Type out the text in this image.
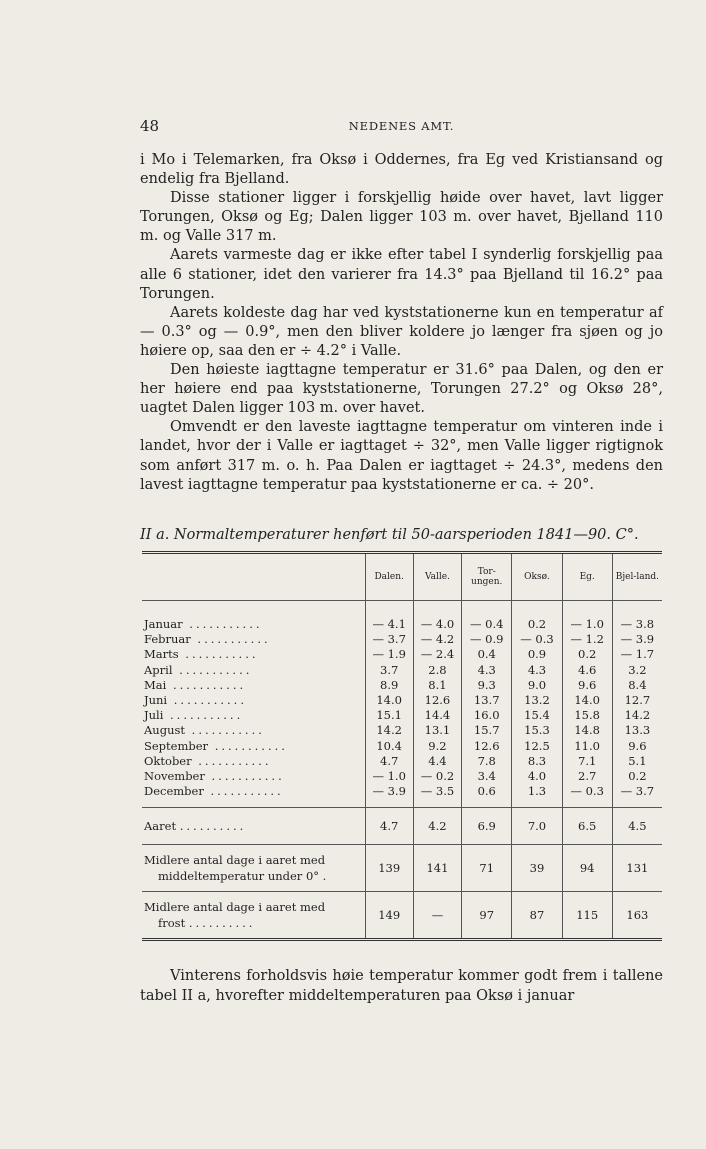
48	NEDENES AMT.

i Mo i Telemarken, fra Oksø i Oddernes, fra Eg ved Kristiansand og endelig fra Bjelland.

Disse stationer ligger i forskjellig høide over havet, lavt ligger Torungen, Oksø og Eg; Dalen ligger 103 m. over havet, Bjelland 110 m. og Valle 317 m.

Aarets varmeste dag er ikke efter tabel I synderlig forskjellig paa alle 6 stationer, idet den varierer fra 14.3° paa Bjelland til 16.2° paa Torungen.

Aarets koldeste dag har ved kyststationerne kun en temperatur af — 0.3° og — 0.9°, men den bliver koldere jo længer fra sjøen og jo høiere op, saa den er ÷ 4.2° i Valle.

Den høieste iagttagne temperatur er 31.6° paa Dalen, og den er her høiere end paa kyststationerne, Torungen 27.2° og Oksø 28°, uagtet Dalen ligger 103 m. over havet.

Omvendt er den laveste iagttagne temperatur om vinteren inde i landet, hvor der i Valle er iagttaget ÷ 32°, men Valle ligger rigtignok som anført 317 m. o. h. Paa Dalen er iagttaget ÷ 24.3°, medens den lavest iagttagne temperatur paa kyststationerne er ca. ÷ 20°.

II a. Normaltemperaturer henført til 50-aarsperioden 1841—90. C°.
	Dalen.	Valle.	Tor-ungen.	Oksø.	Eg.	Bjel-land.

Januar ...........	— 4.1	— 4.0	— 0.4	0.2	— 1.0	— 3.8
Februar ...........	— 3.7	— 4.2	— 0.9	— 0.3	— 1.2	— 3.9
Marts ...........	— 1.9	— 2.4	0.4	0.9	0.2	— 1.7
April ...........	3.7	2.8	4.3	4.3	4.6	3.2
Mai ...........	8.9	8.1	9.3	9.0	9.6	8.4
Juni ...........	14.0	12.6	13.7	13.2	14.0	12.7
Juli ...........	15.1	14.4	16.0	15.4	15.8	14.2
August ...........	14.2	13.1	15.7	15.3	14.8	13.3
September ...........	10.4	9.2	12.6	12.5	11.0	9.6
Oktober ...........	4.7	4.4	7.8	8.3	7.1	5.1
November ...........	— 1.0	— 0.2	3.4	4.0	2.7	0.2
December ...........	— 3.9	— 3.5	0.6	1.3	— 0.3	— 3.7
Aaret ..........	4.7	4.2	6.9	7.0	6.5	4.5
Midlere antal dage i aaret med
middeltemperatur under 0° .	139	141	71	39	94	131
Midlere antal dage i aaret med
frost ..........	149	—	97	87	115	163

Vinterens forholdsvis høie temperatur kommer godt frem i tallene tabel II a, hvorefter middeltemperaturen paa Oksø i januar
